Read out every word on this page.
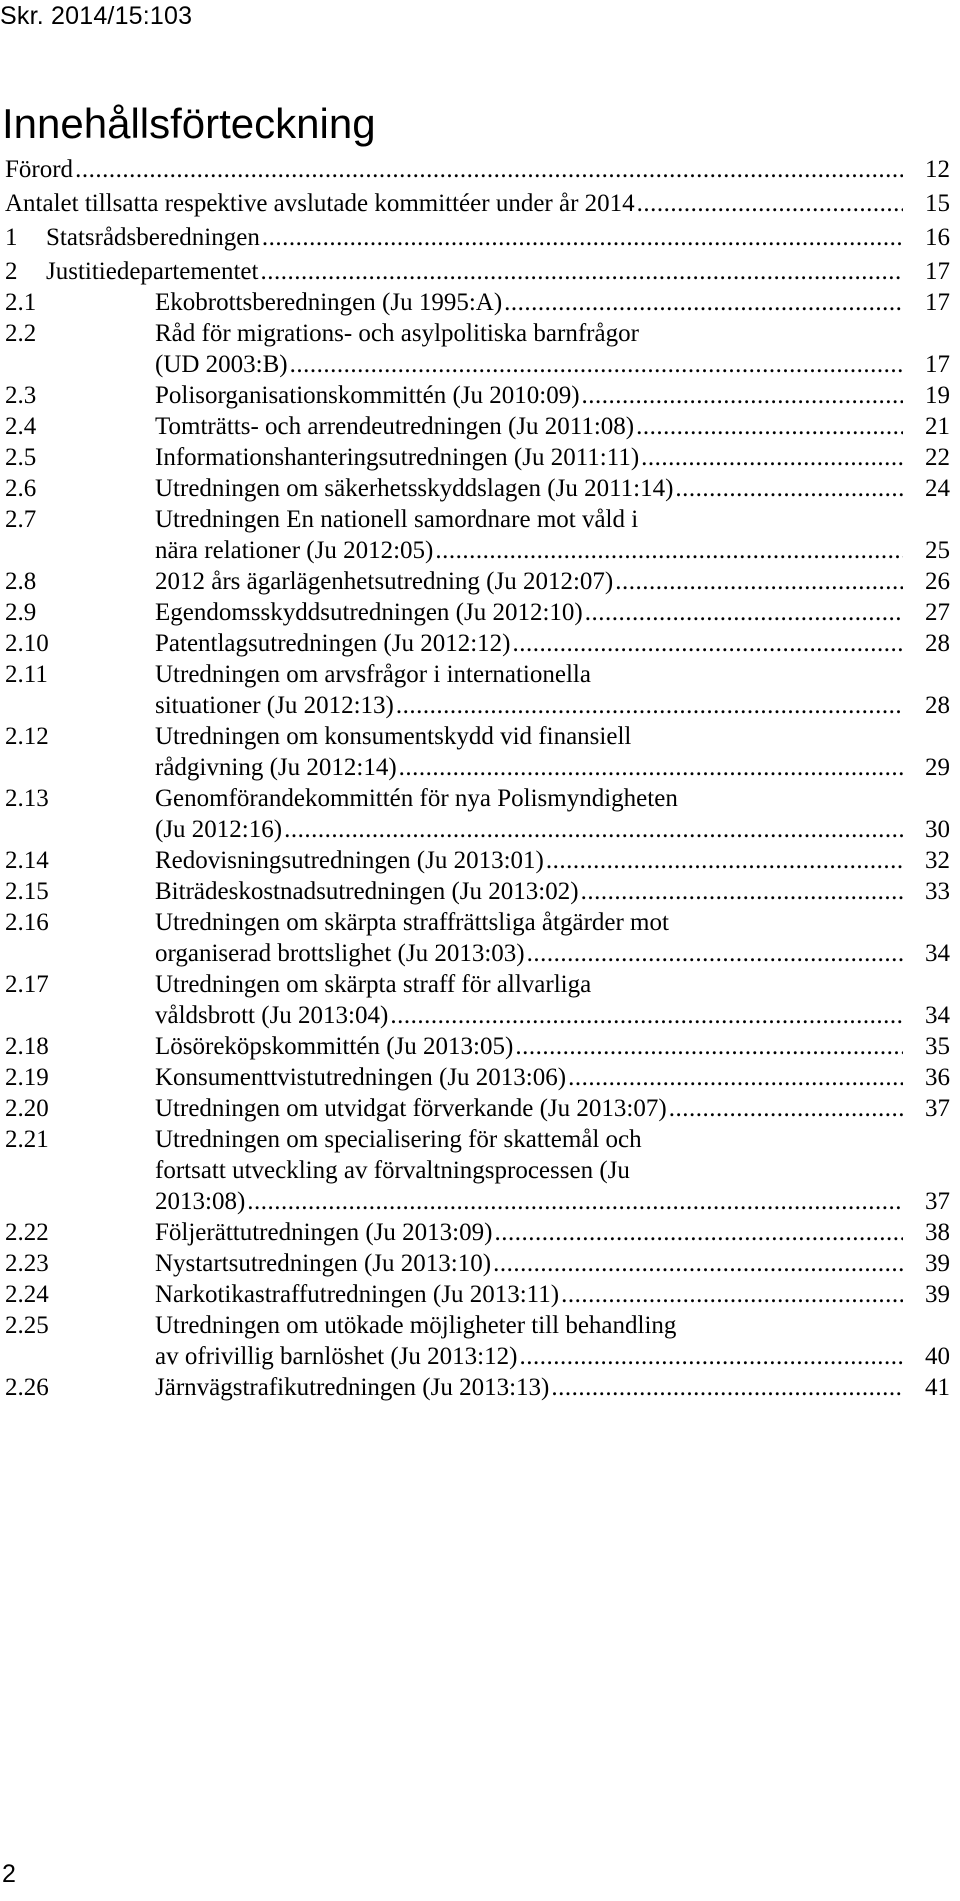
Skr. 2014/15:103
Innehållsförteckning
Förord .....	12
Antalet tillsatta respektive avslutade kommittéer under år 2014 .....	15
1 Statsrådsberedningen .....	16
2 Justitiedepartementet .....	17
2.1	Ekobrottsberedningen (Ju 1995:A) .....	17
2.2	Råd för migrations- och asylpolitiska barnfrågor
(UD 2003:B) .....	17
2.3	Polisorganisationskommittén (Ju 2010:09) .....	19
2.4	Tomträtts- och arrendeutredningen (Ju 2011:08) .....	21
2.5	Informationshanteringsutredningen (Ju 2011:11) .....	22
2.6	Utredningen om säkerhetsskyddslagen (Ju 2011:14) .....	24
2.7	Utredningen En nationell samordnare mot våld i
nära relationer (Ju 2012:05) .....	25
2.8	2012 års ägarlägenhetsutredning (Ju 2012:07) .....	26
2.9	Egendomsskyddsutredningen (Ju 2012:10) .....	27
2.10	Patentlagsutredningen (Ju 2012:12) .....	28
2.11	Utredningen om arvsfrågor i internationella
situationer (Ju 2012:13) .....	28
2.12	Utredningen om konsumentskydd vid finansiell
rådgivning (Ju 2012:14) .....	29
2.13	Genomförandekommittén för nya Polismyndigheten
(Ju 2012:16) .....	30
2.14	Redovisningsutredningen (Ju 2013:01) .....	32
2.15	Biträdeskostnadsutredningen (Ju 2013:02) .....	33
2.16	Utredningen om skärpta straffrättsliga åtgärder mot
organiserad brottslighet (Ju 2013:03) .....	34
2.17	Utredningen om skärpta straff för allvarliga
våldsbrott (Ju 2013:04) .....	34
2.18	Lösöreköpskommittén (Ju 2013:05) .....	35
2.19	Konsumenttvistutredningen (Ju 2013:06) .....	36
2.20	Utredningen om utvidgat förverkande (Ju 2013:07) .....	37
2.21	Utredningen om specialisering för skattemål och
fortsatt utveckling av förvaltningsprocessen (Ju
2013:08) .....	37
2.22	Följerättutredningen (Ju 2013:09) .....	38
2.23	Nystartsutredningen (Ju 2013:10) .....	39
2.24	Narkotikastraffutredningen (Ju 2013:11) .....	39
2.25	Utredningen om utökade möjligheter till behandling
av ofrivillig barnlöshet (Ju 2013:12) .....	40
2.26	Järnvägstrafikutredningen (Ju 2013:13) .....	41
2
